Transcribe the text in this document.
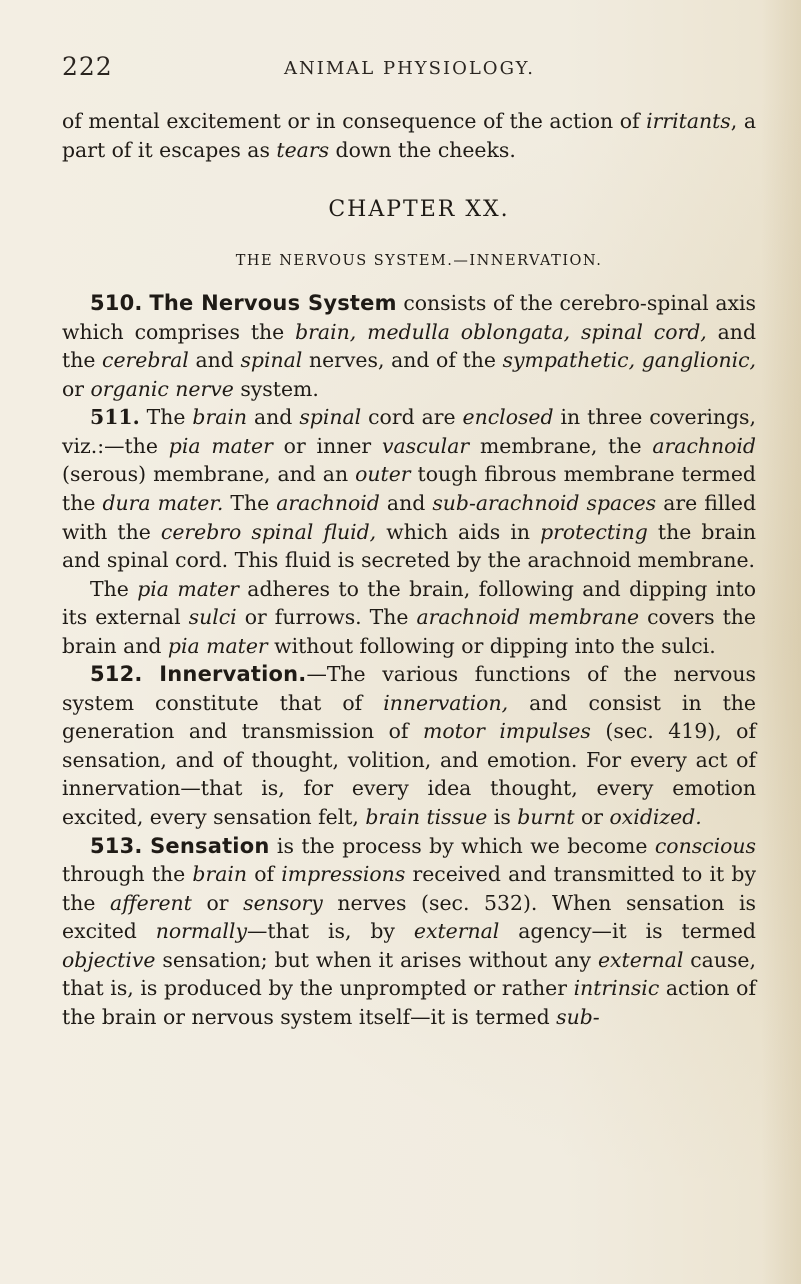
222	ANIMAL PHYSIOLOGY.

of mental excitement or in consequence of the action of irritants, a part of it escapes as tears down the cheeks.

CHAPTER XX.

THE NERVOUS SYSTEM.—INNERVATION.

510. The Nervous System consists of the cerebro-spinal axis which comprises the brain, medulla oblongata, spinal cord, and the cerebral and spinal nerves, and of the sympathetic, ganglionic, or organic nerve system.

511. The brain and spinal cord are enclosed in three coverings, viz.:—the pia mater or inner vascular membrane, the arachnoid (serous) membrane, and an outer tough fibrous membrane termed the dura mater. The arachnoid and sub-arachnoid spaces are filled with the cerebro spinal fluid, which aids in protecting the brain and spinal cord. This fluid is secreted by the arachnoid membrane.

The pia mater adheres to the brain, following and dipping into its external sulci or furrows. The arachnoid membrane covers the brain and pia mater without following or dipping into the sulci.

512. Innervation.—The various functions of the nervous system constitute that of innervation, and consist in the generation and transmission of motor impulses (sec. 419), of sensation, and of thought, volition, and emotion. For every act of innervation—that is, for every idea thought, every emotion excited, every sensation felt, brain tissue is burnt or oxidized.

513. Sensation is the process by which we become conscious through the brain of impressions received and transmitted to it by the afferent or sensory nerves (sec. 532). When sensation is excited normally—that is, by external agency—it is termed objective sensation; but when it arises without any external cause, that is, is produced by the unprompted or rather intrinsic action of the brain or nervous system itself—it is termed sub-
